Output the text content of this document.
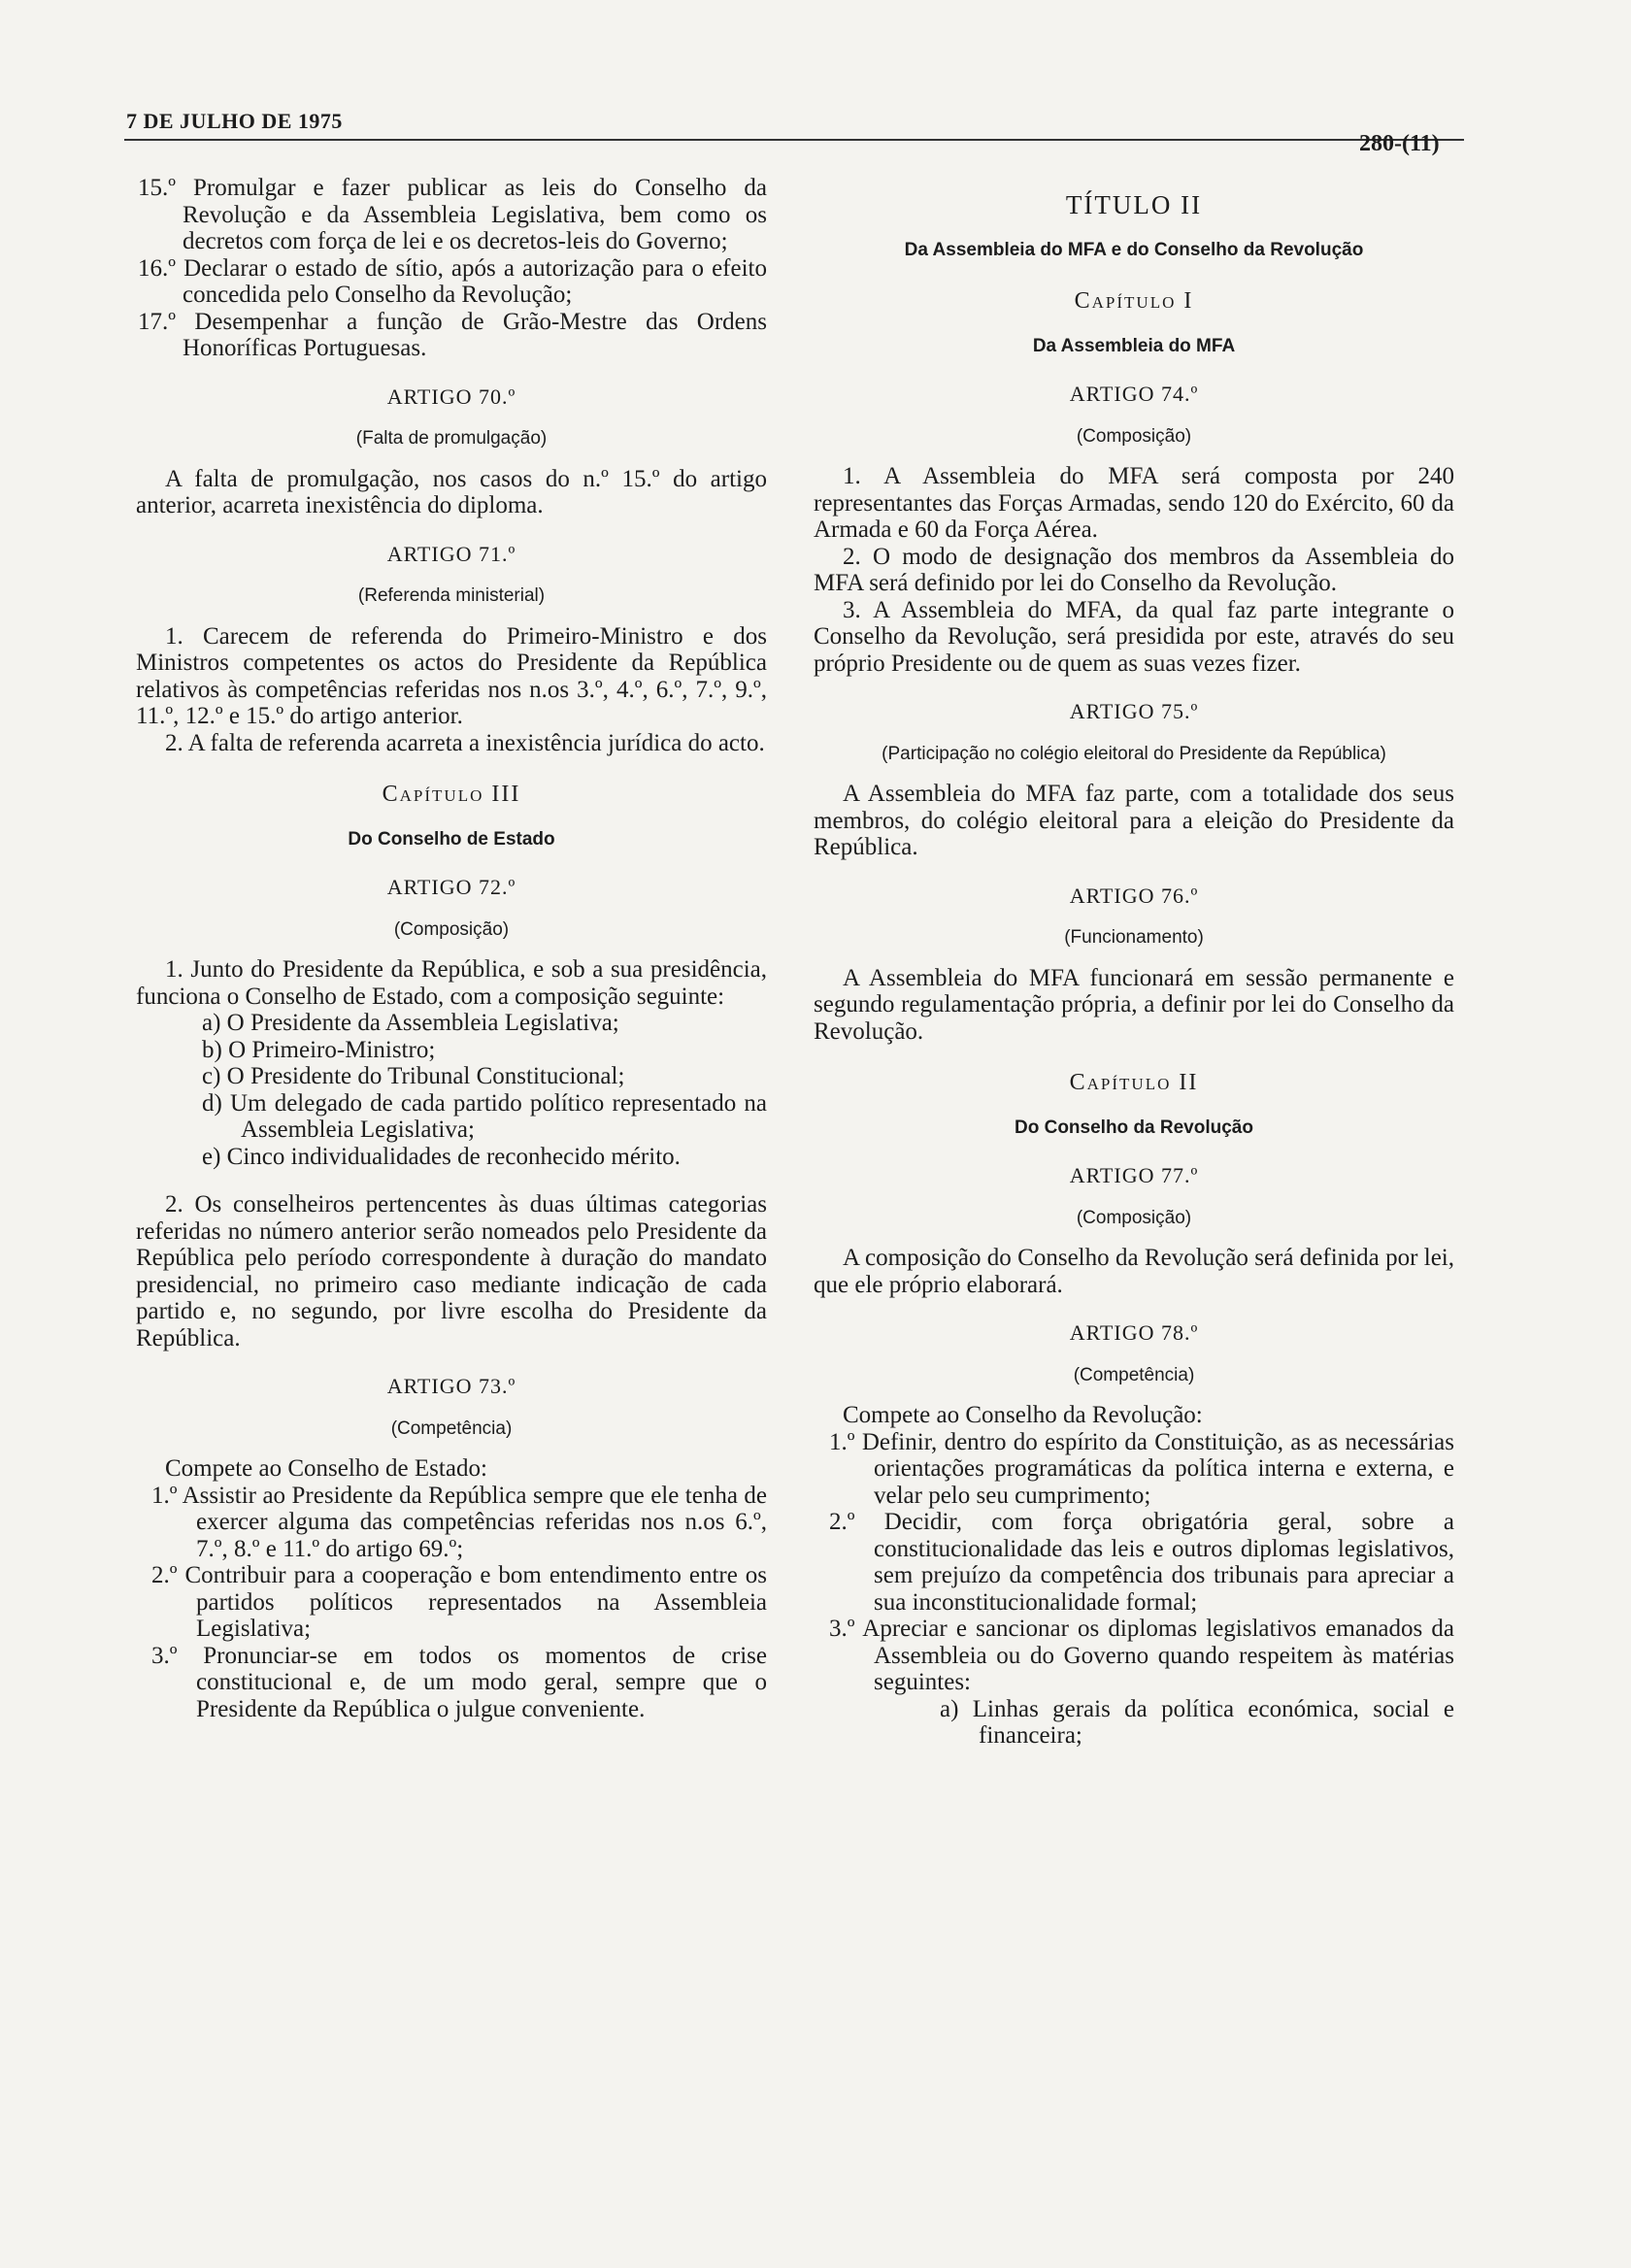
7 DE JULHO DE 1975
280-(11)

15.º Promulgar e fazer publicar as leis do Conselho da Revolução e da Assembleia Legislativa, bem como os decretos com força de lei e os decretos-leis do Governo;

16.º Declarar o estado de sítio, após a autorização para o efeito concedida pelo Conselho da Revolução;

17.º Desempenhar a função de Grão-Mestre das Ordens Honoríficas Portuguesas.

ARTIGO 70.º
(Falta de promulgação)

A falta de promulgação, nos casos do n.º 15.º do artigo anterior, acarreta inexistência do diploma.

ARTIGO 71.º
(Referenda ministerial)

1. Carecem de referenda do Primeiro-Ministro e dos Ministros competentes os actos do Presidente da República relativos às competências referidas nos n.os 3.º, 4.º, 6.º, 7.º, 9.º, 11.º, 12.º e 15.º do artigo anterior.

2. A falta de referenda acarreta a inexistência jurídica do acto.

Capítulo III
Do Conselho de Estado
ARTIGO 72.º
(Composição)

1. Junto do Presidente da República, e sob a sua presidência, funciona o Conselho de Estado, com a composição seguinte:

a) O Presidente da Assembleia Legislativa;

b) O Primeiro-Ministro;

c) O Presidente do Tribunal Constitucional;

d) Um delegado de cada partido político representado na Assembleia Legislativa;

e) Cinco individualidades de reconhecido mérito.

2. Os conselheiros pertencentes às duas últimas categorias referidas no número anterior serão nomeados pelo Presidente da República pelo período correspondente à duração do mandato presidencial, no primeiro caso mediante indicação de cada partido e, no segundo, por livre escolha do Presidente da República.

ARTIGO 73.º
(Competência)

Compete ao Conselho de Estado:

1.º Assistir ao Presidente da República sempre que ele tenha de exercer alguma das competências referidas nos n.os 6.º, 7.º, 8.º e 11.º do artigo 69.º;

2.º Contribuir para a cooperação e bom entendimento entre os partidos políticos representados na Assembleia Legislativa;

3.º Pronunciar-se em todos os momentos de crise constitucional e, de um modo geral, sempre que o Presidente da República o julgue conveniente.

TÍTULO II
Da Assembleia do MFA e do Conselho da Revolução
Capítulo I
Da Assembleia do MFA
ARTIGO 74.º
(Composição)

1. A Assembleia do MFA será composta por 240 representantes das Forças Armadas, sendo 120 do Exército, 60 da Armada e 60 da Força Aérea.

2. O modo de designação dos membros da Assembleia do MFA será definido por lei do Conselho da Revolução.

3. A Assembleia do MFA, da qual faz parte integrante o Conselho da Revolução, será presidida por este, através do seu próprio Presidente ou de quem as suas vezes fizer.

ARTIGO 75.º
(Participação no colégio eleitoral do Presidente da República)

A Assembleia do MFA faz parte, com a totalidade dos seus membros, do colégio eleitoral para a eleição do Presidente da República.

ARTIGO 76.º
(Funcionamento)

A Assembleia do MFA funcionará em sessão permanente e segundo regulamentação própria, a definir por lei do Conselho da Revolução.

Capítulo II
Do Conselho da Revolução
ARTIGO 77.º
(Composição)

A composição do Conselho da Revolução será definida por lei, que ele próprio elaborará.

ARTIGO 78.º
(Competência)

Compete ao Conselho da Revolução:

1.º Definir, dentro do espírito da Constituição, as as necessárias orientações programáticas da política interna e externa, e velar pelo seu cumprimento;

2.º Decidir, com força obrigatória geral, sobre a constitucionalidade das leis e outros diplomas legislativos, sem prejuízo da competência dos tribunais para apreciar a sua inconstitucionalidade formal;

3.º Apreciar e sancionar os diplomas legislativos emanados da Assembleia ou do Governo quando respeitem às matérias seguintes:

a) Linhas gerais da política económica, social e financeira;
